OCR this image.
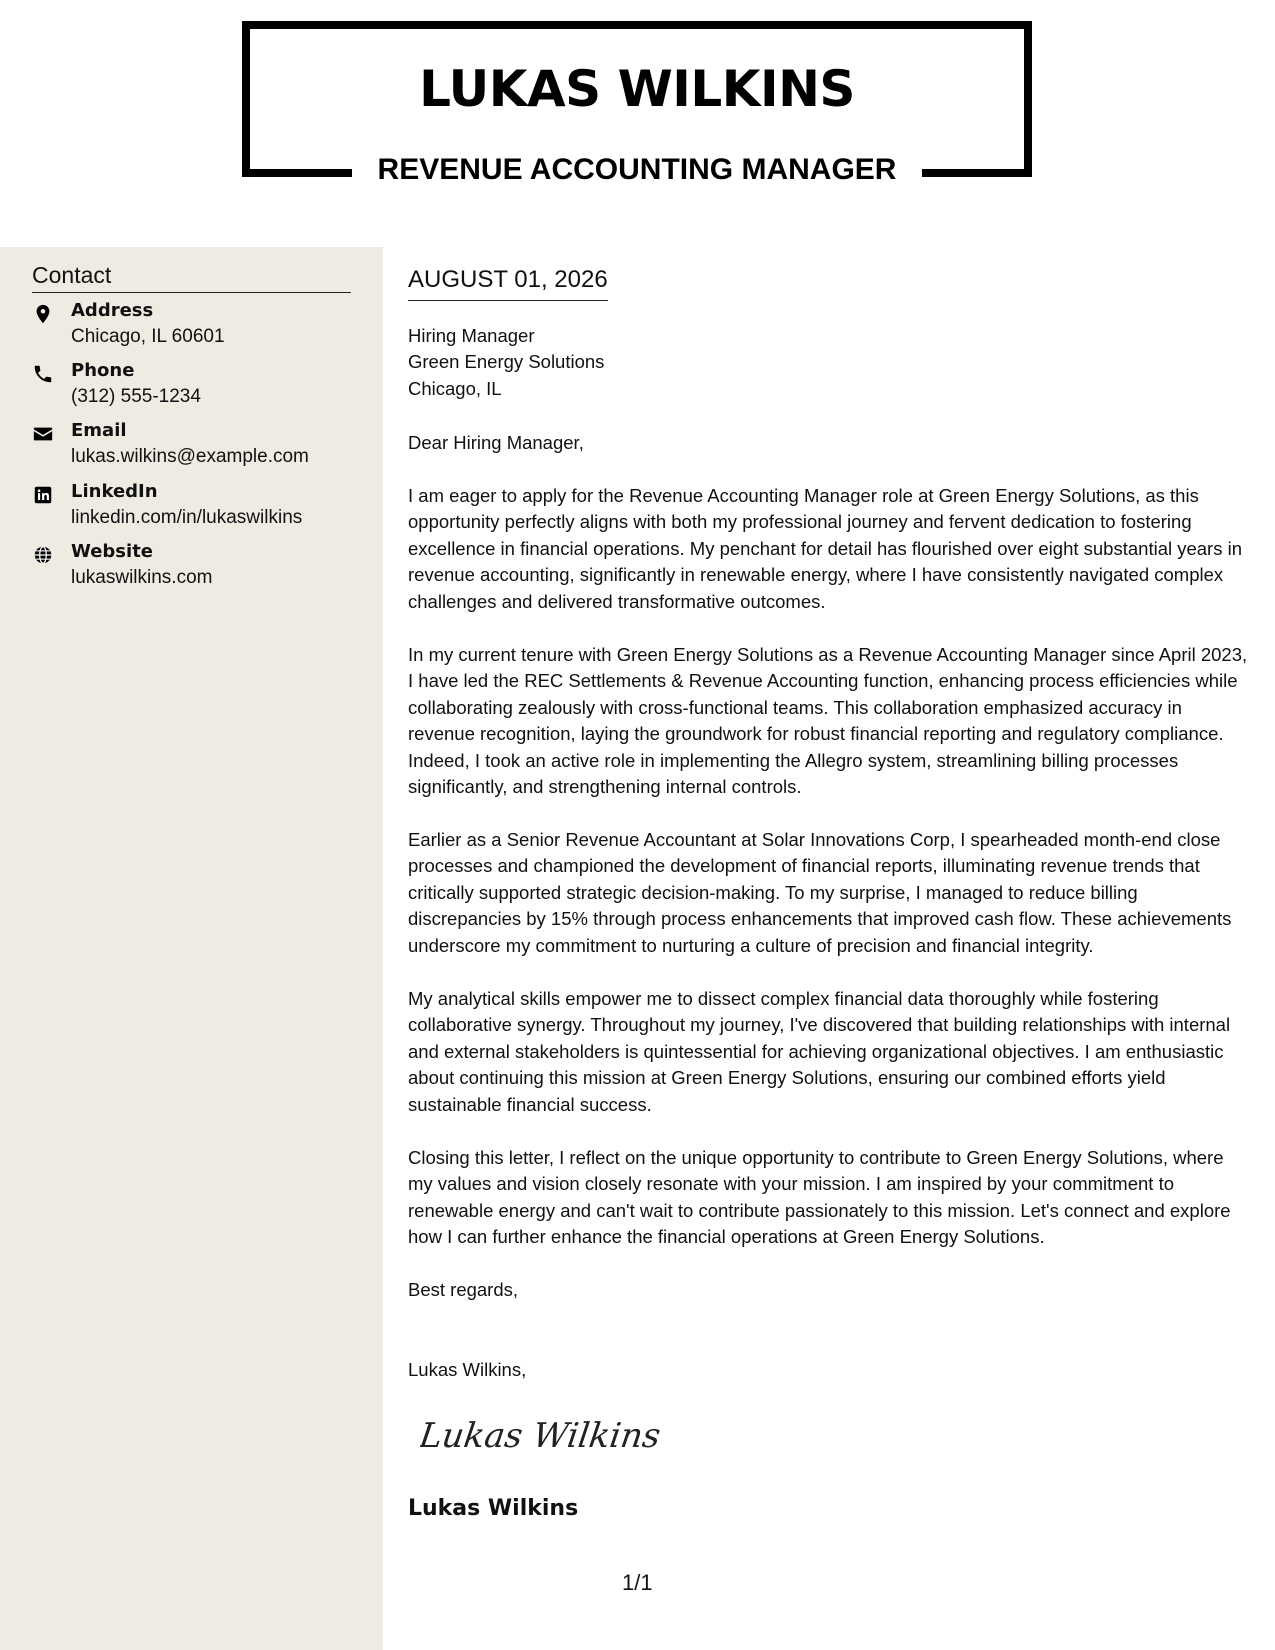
LUKAS WILKINS
REVENUE ACCOUNTING MANAGER
Contact
Address
Chicago, IL 60601
Phone
(312) 555-1234
Email
lukas.wilkins@example.com
LinkedIn
linkedin.com/in/lukaswilkins
Website
lukaswilkins.com
AUGUST 01, 2026
Hiring Manager
Green Energy Solutions
Chicago, IL
Dear Hiring Manager,

I am eager to apply for the Revenue Accounting Manager role at Green Energy Solutions, as this opportunity perfectly aligns with both my professional journey and fervent dedication to fostering excellence in financial operations. My penchant for detail has flourished over eight substantial years in revenue accounting, significantly in renewable energy, where I have consistently navigated complex challenges and delivered transformative outcomes.

In my current tenure with Green Energy Solutions as a Revenue Accounting Manager since April 2023, I have led the REC Settlements & Revenue Accounting function, enhancing process efficiencies while collaborating zealously with cross-functional teams. This collaboration emphasized accuracy in revenue recognition, laying the groundwork for robust financial reporting and regulatory compliance. Indeed, I took an active role in implementing the Allegro system, streamlining billing processes significantly, and strengthening internal controls.

Earlier as a Senior Revenue Accountant at Solar Innovations Corp, I spearheaded month-end close processes and championed the development of financial reports, illuminating revenue trends that critically supported strategic decision-making. To my surprise, I managed to reduce billing discrepancies by 15% through process enhancements that improved cash flow. These achievements underscore my commitment to nurturing a culture of precision and financial integrity.

My analytical skills empower me to dissect complex financial data thoroughly while fostering collaborative synergy. Throughout my journey, I've discovered that building relationships with internal and external stakeholders is quintessential for achieving organizational objectives. I am enthusiastic about continuing this mission at Green Energy Solutions, ensuring our combined efforts yield sustainable financial success.

Closing this letter, I reflect on the unique opportunity to contribute to Green Energy Solutions, where my values and vision closely resonate with your mission. I am inspired by your commitment to renewable energy and can't wait to contribute passionately to this mission. Let's connect and explore how I can further enhance the financial operations at Green Energy Solutions.

Best regards,
Lukas Wilkins,
Lukas Wilkins
Lukas Wilkins
1/1
